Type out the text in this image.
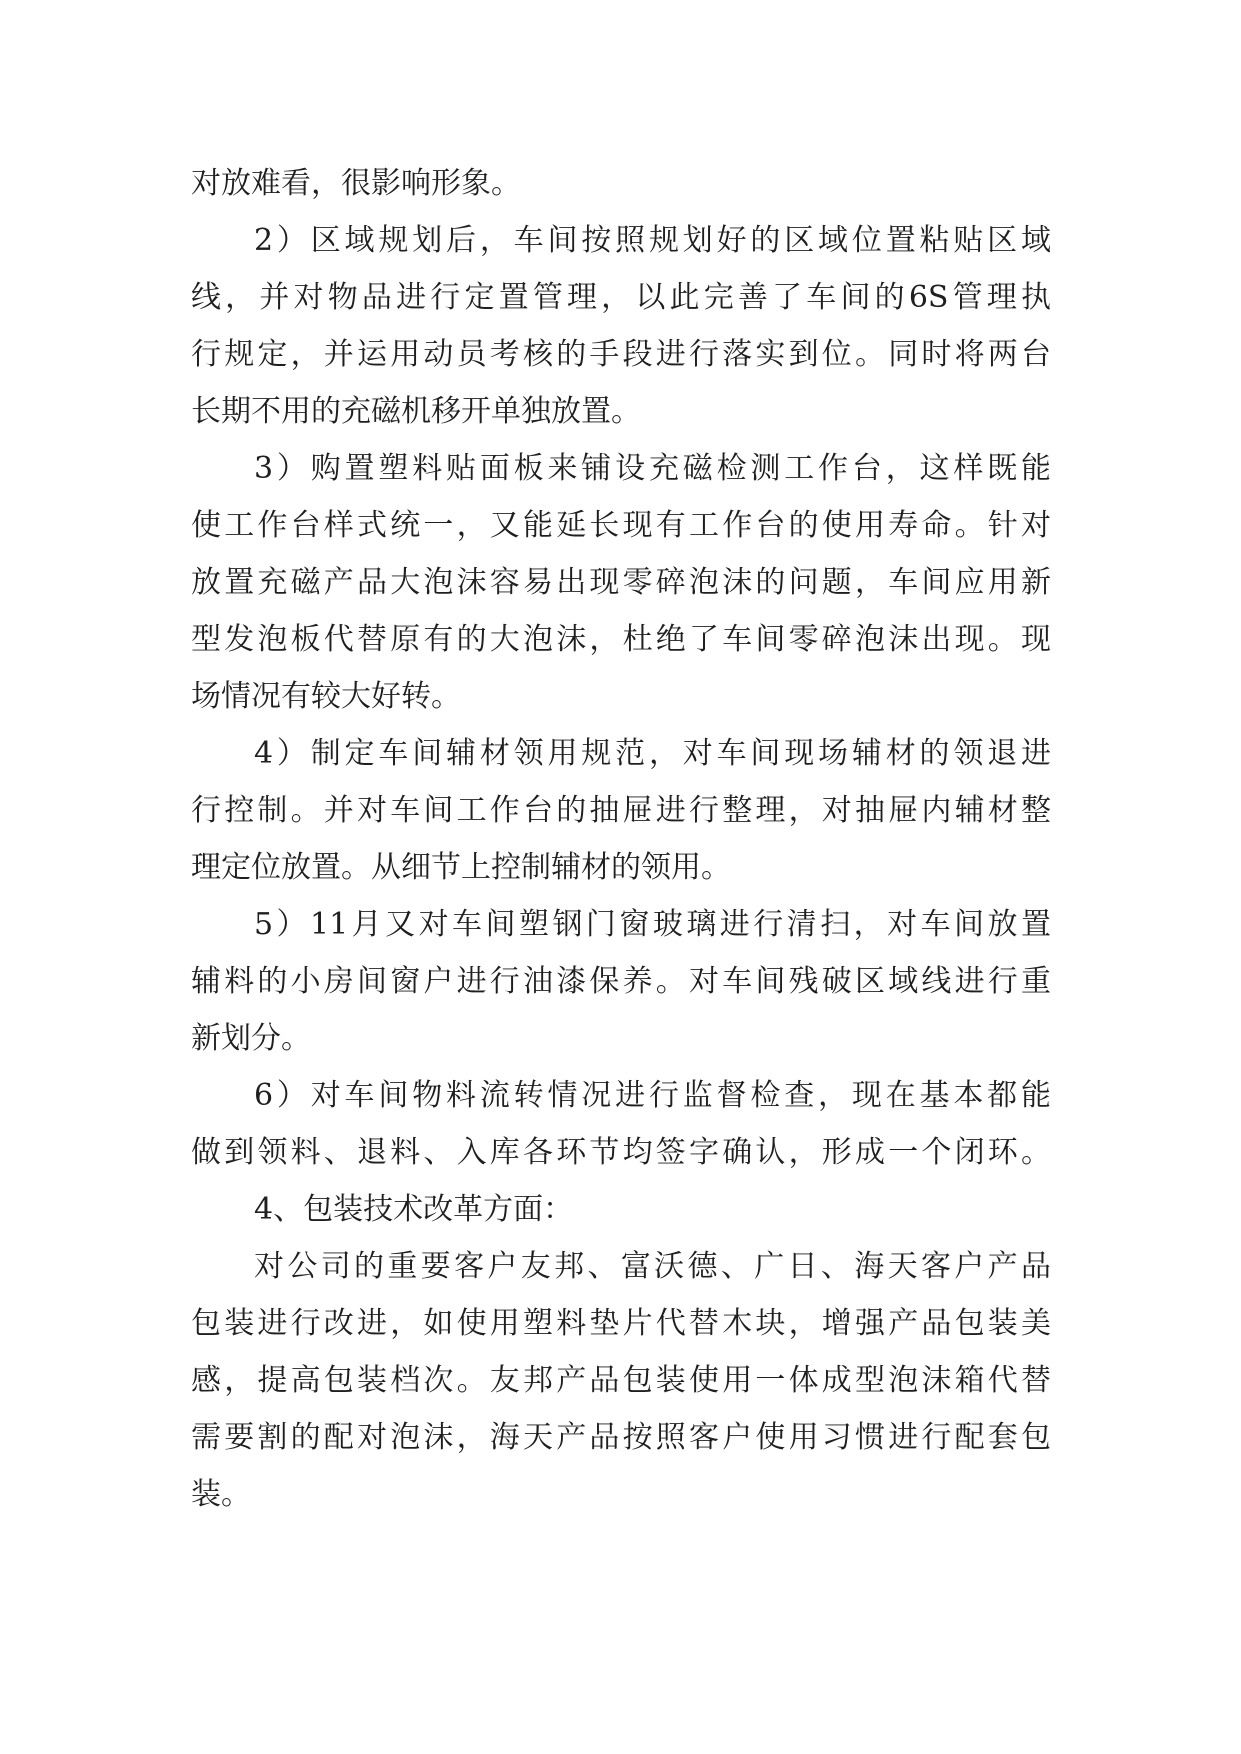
对放难看，很影响形象。
2）区域规划后，车间按照规划好的区域位置粘贴区域
线，并对物品进行定置管理，以此完善了车间的6S管理执
行规定，并运用动员考核的手段进行落实到位。同时将两台
长期不用的充磁机移开单独放置。
3）购置塑料贴面板来铺设充磁检测工作台，这样既能
使工作台样式统一，又能延长现有工作台的使用寿命。针对
放置充磁产品大泡沫容易出现零碎泡沫的问题，车间应用新
型发泡板代替原有的大泡沫，杜绝了车间零碎泡沫出现。现
场情况有较大好转。
4）制定车间辅材领用规范，对车间现场辅材的领退进
行控制。并对车间工作台的抽屉进行整理，对抽屉内辅材整
理定位放置。从细节上控制辅材的领用。
5）11月又对车间塑钢门窗玻璃进行清扫，对车间放置
辅料的小房间窗户进行油漆保养。对车间残破区域线进行重
新划分。
6）对车间物料流转情况进行监督检查，现在基本都能
做到领料、退料、入库各环节均签字确认，形成一个闭环。
4、包装技术改革方面：
对公司的重要客户友邦、富沃德、广日、海天客户产品
包装进行改进，如使用塑料垫片代替木块，增强产品包装美
感，提高包装档次。友邦产品包装使用一体成型泡沫箱代替
需要割的配对泡沫，海天产品按照客户使用习惯进行配套包
装。
